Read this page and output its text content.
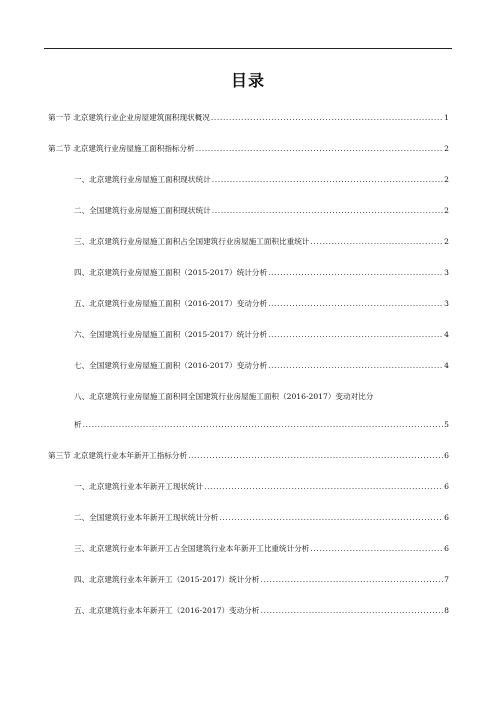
目录
第一节 北京建筑行业企业房屋建筑面积现状概况 .....	1
第二节 北京建筑行业房屋施工面积指标分析 .....	2
一、北京建筑行业房屋施工面积现状统计 .....	2
二、全国建筑行业房屋施工面积现状统计 .....	2
三、北京建筑行业房屋施工面积占全国建筑行业房屋施工面积比重统计 .....	2
四、北京建筑行业房屋施工面积（2015-2017）统计分析 .....	3
五、北京建筑行业房屋施工面积（2016-2017）变动分析 .....	3
六、全国建筑行业房屋施工面积（2015-2017）统计分析 .....	4
七、全国建筑行业房屋施工面积（2016-2017）变动分析 .....	4
八、北京建筑行业房屋施工面积同全国建筑行业房屋施工面积（2016-2017）变动对比分
析 .....	5
第三节 北京建筑行业本年新开工指标分析 .....	6
一、北京建筑行业本年新开工现状统计 .....	6
二、全国建筑行业本年新开工现状统计分析 .....	6
三、北京建筑行业本年新开工占全国建筑行业本年新开工比重统计分析 .....	6
四、北京建筑行业本年新开工（2015-2017）统计分析 .....	7
五、北京建筑行业本年新开工（2016-2017）变动分析 .....	8
